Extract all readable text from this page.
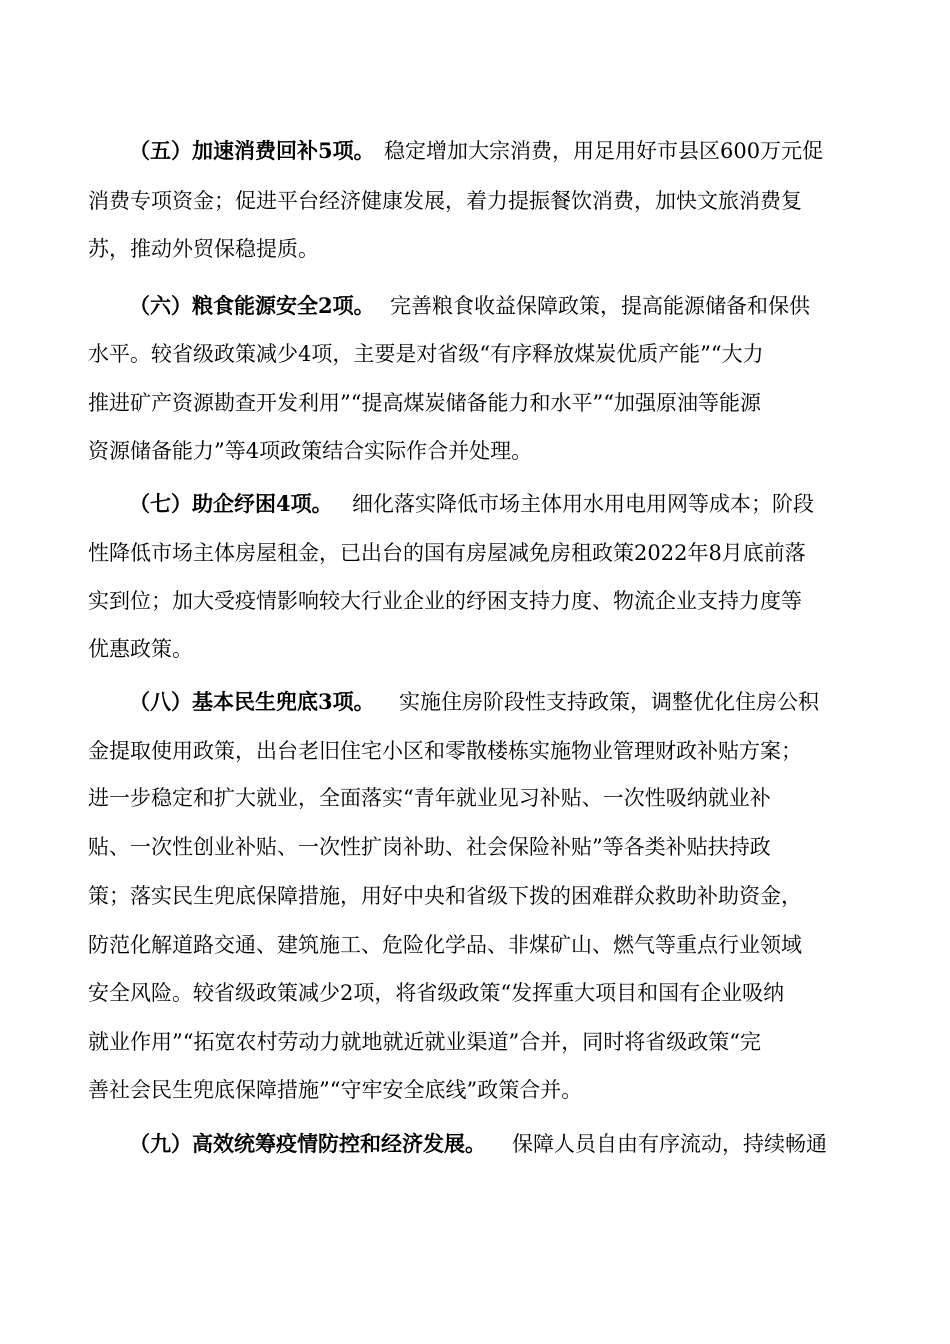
（五）加速消费回补5项。 稳定增加大宗消费，用足用好市县区600万元促
消费专项资金；促进平台经济健康发展，着力提振餐饮消费，加快文旅消费复
苏，推动外贸保稳提质。
（六）粮食能源安全2项。 完善粮食收益保障政策，提高能源储备和保供
水平。较省级政策减少4项，主要是对省级“有序释放煤炭优质产能”“大力
推进矿产资源勘查开发利用”“提高煤炭储备能力和水平”“加强原油等能源
资源储备能力”等4项政策结合实际作合并处理。
（七）助企纾困4项。 细化落实降低市场主体用水用电用网等成本；阶段
性降低市场主体房屋租金，已出台的国有房屋减免房租政策2022年8月底前落
实到位；加大受疫情影响较大行业企业的纾困支持力度、物流企业支持力度等
优惠政策。
（八）基本民生兜底3项。 实施住房阶段性支持政策，调整优化住房公积
金提取使用政策，出台老旧住宅小区和零散楼栋实施物业管理财政补贴方案；
进一步稳定和扩大就业，全面落实“青年就业见习补贴、一次性吸纳就业补
贴、一次性创业补贴、一次性扩岗补助、社会保险补贴”等各类补贴扶持政
策；落实民生兜底保障措施，用好中央和省级下拨的困难群众救助补助资金，
防范化解道路交通、建筑施工、危险化学品、非煤矿山、燃气等重点行业领域
安全风险。较省级政策减少2项，将省级政策“发挥重大项目和国有企业吸纳
就业作用”“拓宽农村劳动力就地就近就业渠道”合并，同时将省级政策“完
善社会民生兜底保障措施”“守牢安全底线”政策合并。
（九）高效统筹疫情防控和经济发展。 保障人员自由有序流动，持续畅通
